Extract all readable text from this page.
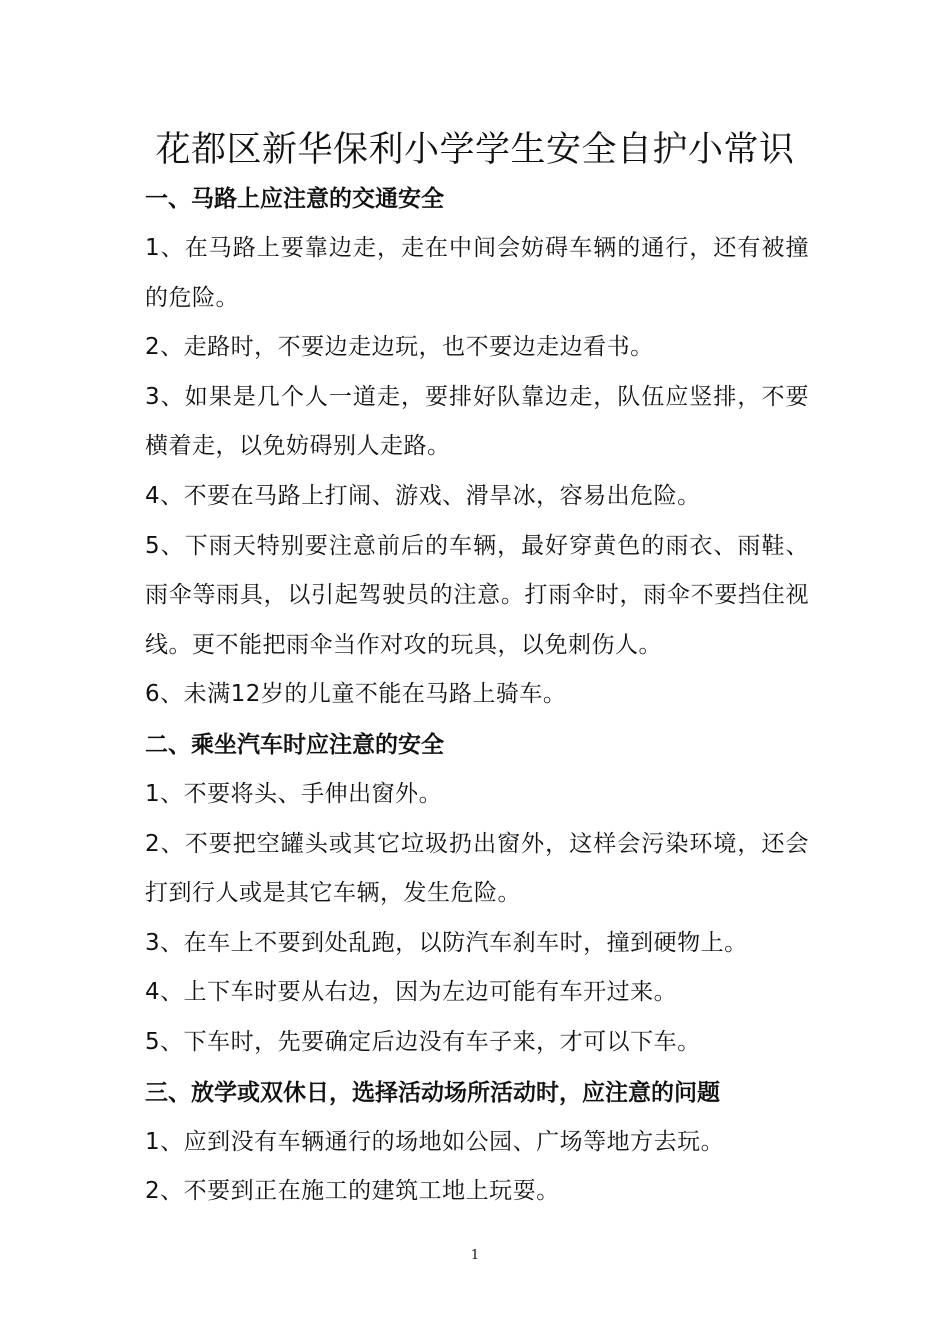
花都区新华保利小学学生安全自护小常识
一、马路上应注意的交通安全

1、在马路上要靠边走，走在中间会妨碍车辆的通行，还有被撞的危险。

2、走路时，不要边走边玩，也不要边走边看书。

3、如果是几个人一道走，要排好队靠边走，队伍应竖排，不要横着走，以免妨碍别人走路。

4、不要在马路上打闹、游戏、滑旱冰，容易出危险。

5、下雨天特别要注意前后的车辆，最好穿黄色的雨衣、雨鞋、雨伞等雨具，以引起驾驶员的注意。打雨伞时，雨伞不要挡住视线。更不能把雨伞当作对攻的玩具，以免刺伤人。

6、未满12岁的儿童不能在马路上骑车。

二、乘坐汽车时应注意的安全

1、不要将头、手伸出窗外。

2、不要把空罐头或其它垃圾扔出窗外，这样会污染环境，还会打到行人或是其它车辆，发生危险。

3、在车上不要到处乱跑，以防汽车刹车时，撞到硬物上。

4、上下车时要从右边，因为左边可能有车开过来。

5、下车时，先要确定后边没有车子来，才可以下车。

三、放学或双休日，选择活动场所活动时，应注意的问题

1、应到没有车辆通行的场地如公园、广场等地方去玩。

2、不要到正在施工的建筑工地上玩耍。

1
